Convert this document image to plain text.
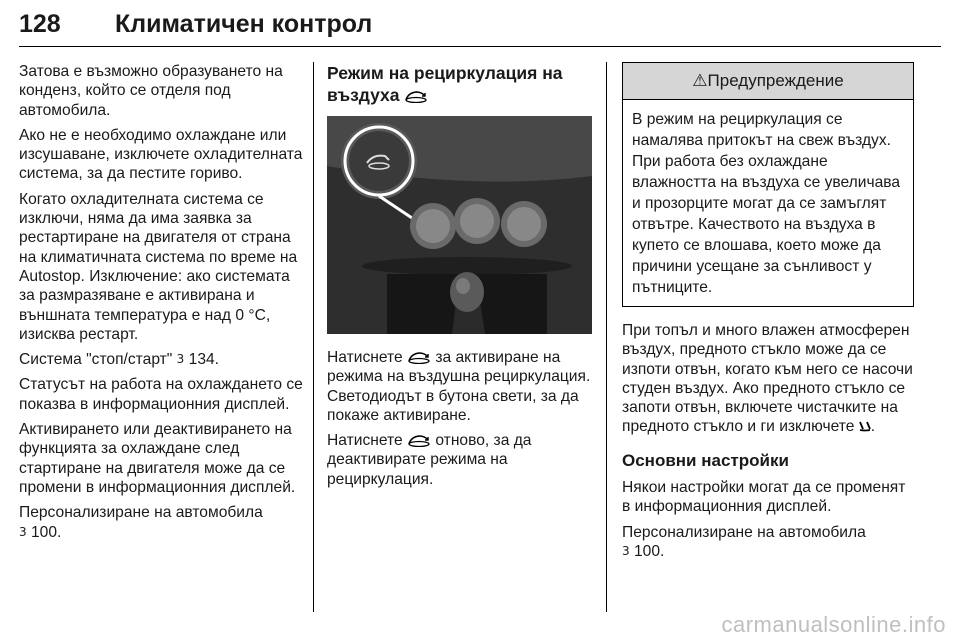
128 Климатичен контрол

Затова е възможно образуването на конденз, който се отделя под автомобила.

Ако не е необходимо охлаждане или изсушаване, изключете охладителната система, за да пестите гориво.

Когато охладителната система се изключи, няма да има заявка за рестартиране на двигателя от страна на климатичната система по време на Autostop. Изключение: ако системата за размразяване е активирана и външната температура е над 0 °C, изисква рестарт.

Система "стоп/старт" 3 134.

Статусът на работа на охлаждането се показва в информационния дисплей.

Активирането или деактивирането на функцията за охлаждане след стартиране на двигателя може да се промени в информационния дисплей.

Персонализиране на автомобила
3 100.

Режим на рециркулация на въздуха

Натиснете за активиране на режима на въздушна рециркулация. Светодиодът в бутона свети, за да покаже активиране.

Натиснете отново, за да деактивирате режима на рециркулация.

⚠Предупреждение
В режим на рециркулация се намалява притокът на свеж въздух. При работа без охлаждане влажността на въздуха се увеличава и прозорците могат да се замъглят отвътре. Качеството на въздуха в купето се влошава, което може да причини усещане за сънливост у пътниците.

При топъл и много влажен атмосферен въздух, предното стъкло може да се изпоти отвън, когато към него се насочи студен въздух. Ако предното стъкло се запоти отвън, включете чистачките на предното стъкло и ги изключете .

Основни настройки

Някои настройки могат да се променят в информационния дисплей.

Персонализиране на автомобила
3 100.

carmanualsonline.info
